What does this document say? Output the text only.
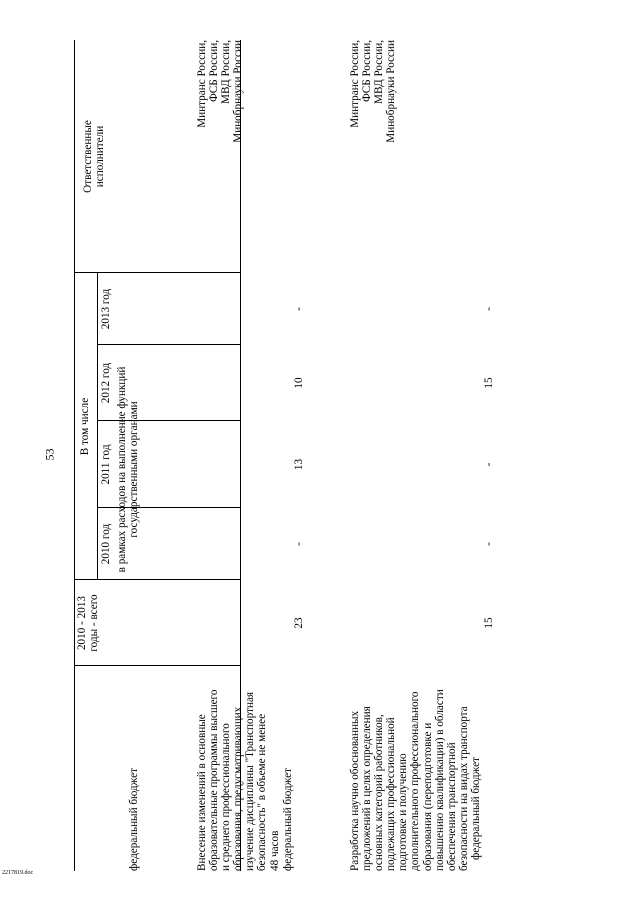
53
2010 - 2013 годы - всего
В том числе
2010 год
2011 год
2012 год
2013 год
Ответственные исполнители
федеральный бюджет
в рамках расходов на выполнение функций государственными органами
Внесение изменений в основные образовательные программы высшего и среднего профессионального образования, предусматривающих изучение дисциплины "Транспортная безопасность" в объеме не менее 48 часов федеральный бюджет
23
-
13
10
-
Минтранс России, ФСБ России, МВД России, Минобрнауки России
Разработка научно обоснованных предложений в целях определения основных категорий работников, подлежащих профессиональной подготовке и получению дополнительного профессионального образования (переподготовке и повышению квалификации) в области обеспечения транспортной безопасности на видах транспорта федеральный бюджет
15
-
-
15
-
Минтранс России, ФСБ России, МВД России, Минобрнауки России
2217819.doc
